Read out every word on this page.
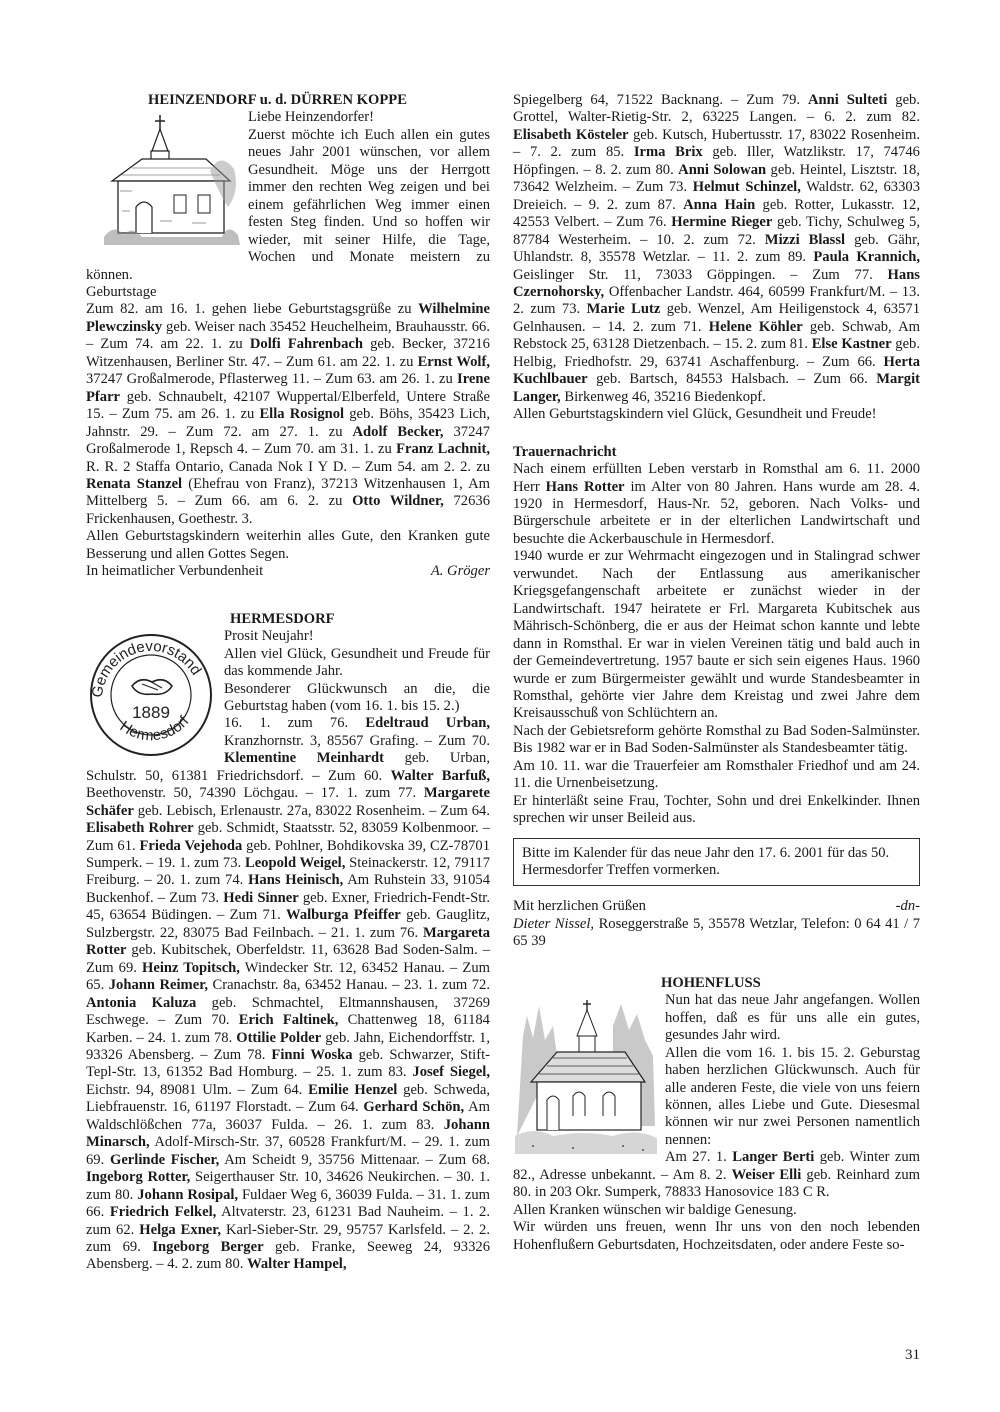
HEINZENDORF u. d. DÜRREN KOPPE

Liebe Heinzendorfer!

Zuerst möchte ich Euch allen ein gutes neues Jahr 2001 wünschen, vor allem Gesundheit. Möge uns der Herrgott immer den rechten Weg zeigen und bei einem gefährlichen Weg immer einen festen Steg finden. Und so hoffen wir wieder, mit seiner Hilfe, die Tage, Wochen und Monate meistern zu können.

Geburtstage

Zum 82. am 16. 1. gehen liebe Geburtstagsgrüße zu Wilhelmine Plewczinsky geb. Weiser nach 35452 Heuchelheim, Brauhausstr. 66. – Zum 74. am 22. 1. zu Dolfi Fahrenbach geb. Becker, 37216 Witzenhausen, Berliner Str. 47. – Zum 61. am 22. 1. zu Ernst Wolf, 37247 Großalmerode, Pflasterweg 11. – Zum 63. am 26. 1. zu Irene Pfarr geb. Schnaubelt, 42107 Wuppertal/Elberfeld, Untere Straße 15. – Zum 75. am 26. 1. zu Ella Rosignol geb. Böhs, 35423 Lich, Jahnstr. 29. – Zum 72. am 27. 1. zu Adolf Becker, 37247 Großalmerode 1, Repsch 4. – Zum 70. am 31. 1. zu Franz Lachnit, R. R. 2 Staffa Ontario, Canada Nok I Y D. – Zum 54. am 2. 2. zu Renata Stanzel (Ehefrau von Franz), 37213 Witzenhausen 1, Am Mittelberg 5. – Zum 66. am 6. 2. zu Otto Wildner, 72636 Frickenhausen, Goethestr. 3.

Allen Geburtstagskindern weiterhin alles Gute, den Kranken gute Besserung und allen Gottes Segen.

In heimatlicher Verbundenheit	A. Gröger

HERMESDORF

Gemeindevorstand
Hermesdorf
1889

Prosit Neujahr!

Allen viel Glück, Gesundheit und Freude für das kommende Jahr.

Besonderer Glückwunsch an die, die Geburtstag haben (vom 16. 1. bis 15. 2.)

16. 1. zum 76. Edeltraud Urban, Kranzhornstr. 3, 85567 Grafing. – Zum 70. Klementine Meinhardt geb. Urban, Schulstr. 50, 61381 Friedrichsdorf. – Zum 60. Walter Barfuß, Beethovenstr. 50, 74390 Löchgau. – 17. 1. zum 77. Margarete Schäfer geb. Lebisch, Erlenaustr. 27a, 83022 Rosenheim. – Zum 64. Elisabeth Rohrer geb. Schmidt, Staatsstr. 52, 83059 Kolbenmoor. – Zum 61. Frieda Vejehoda geb. Pohlner, Bohdikovska 39, CZ-78701 Sumperk. – 19. 1. zum 73. Leopold Weigel, Steinackerstr. 12, 79117 Freiburg. – 20. 1. zum 74. Hans Heinisch, Am Ruhstein 33, 91054 Buckenhof. – Zum 73. Hedi Sinner geb. Exner, Friedrich-Fendt-Str. 45, 63654 Büdingen. – Zum 71. Walburga Pfeiffer geb. Gauglitz, Sulzbergstr. 22, 83075 Bad Feilnbach. – 21. 1. zum 76. Margareta Rotter geb. Kubitschek, Oberfeldstr. 11, 63628 Bad Soden-Salm. – Zum 69. Heinz Topitsch, Windecker Str. 12, 63452 Hanau. – Zum 65. Johann Reimer, Cranachstr. 8a, 63452 Hanau. – 23. 1. zum 72. Antonia Kaluza geb. Schmachtel, Eltmannshausen, 37269 Eschwege. – Zum 70. Erich Faltinek, Chattenweg 18, 61184 Karben. – 24. 1. zum 78. Ottilie Polder geb. Jahn, Eichendorffstr. 1, 93326 Abensberg. – Zum 78. Finni Woska geb. Schwarzer, Stift-Tepl-Str. 13, 61352 Bad Homburg. – 25. 1. zum 83. Josef Siegel, Eichstr. 94, 89081 Ulm. – Zum 64. Emilie Henzel geb. Schweda, Liebfrauenstr. 16, 61197 Florstadt. – Zum 64. Gerhard Schön, Am Waldschlößchen 77a, 36037 Fulda. – 26. 1. zum 83. Johann Minarsch, Adolf-Mirsch-Str. 37, 60528 Frankfurt/M. – 29. 1. zum 69. Gerlinde Fischer, Am Scheidt 9, 35756 Mittenaar. – Zum 68. Ingeborg Rotter, Seigerthauser Str. 10, 34626 Neukirchen. – 30. 1. zum 80. Johann Rosipal, Fuldaer Weg 6, 36039 Fulda. – 31. 1. zum 66. Friedrich Felkel, Altvaterstr. 23, 61231 Bad Nauheim. – 1. 2. zum 62. Helga Exner, Karl-Sieber-Str. 29, 95757 Karlsfeld. – 2. 2. zum 69. Ingeborg Berger geb. Franke, Seeweg 24, 93326 Abensberg. – 4. 2. zum 80. Walter Hampel,

Spiegelberg 64, 71522 Backnang. – Zum 79. Anni Sulteti geb. Grottel, Walter-Rietig-Str. 2, 63225 Langen. – 6. 2. zum 82. Elisabeth Kösteler geb. Kutsch, Hubertusstr. 17, 83022 Rosenheim. – 7. 2. zum 85. Irma Brix geb. Iller, Watzlikstr. 17, 74746 Höpfingen. – 8. 2. zum 80. Anni Solowan geb. Heintel, Lisztstr. 18, 73642 Welzheim. – Zum 73. Helmut Schinzel, Waldstr. 62, 63303 Dreieich. – 9. 2. zum 87. Anna Hain geb. Rotter, Lukasstr. 12, 42553 Velbert. – Zum 76. Hermine Rieger geb. Tichy, Schulweg 5, 87784 Westerheim. – 10. 2. zum 72. Mizzi Blassl geb. Gähr, Uhlandstr. 8, 35578 Wetzlar. – 11. 2. zum 89. Paula Krannich, Geislinger Str. 11, 73033 Göppingen. – Zum 77. Hans Czernohorsky, Offenbacher Landstr. 464, 60599 Frankfurt/M. – 13. 2. zum 73. Marie Lutz geb. Wenzel, Am Heiligenstock 4, 63571 Gelnhausen. – 14. 2. zum 71. Helene Köhler geb. Schwab, Am Rebstock 25, 63128 Dietzenbach. – 15. 2. zum 81. Else Kastner geb. Helbig, Friedhofstr. 29, 63741 Aschaffenburg. – Zum 66. Herta Kuchlbauer geb. Bartsch, 84553 Halsbach. – Zum 66. Margit Langer, Birkenweg 46, 35216 Biedenkopf.

Allen Geburtstagskindern viel Glück, Gesundheit und Freude!

Trauernachricht

Nach einem erfüllten Leben verstarb in Romsthal am 6. 11. 2000 Herr Hans Rotter im Alter von 80 Jahren. Hans wurde am 28. 4. 1920 in Hermesdorf, Haus-Nr. 52, geboren. Nach Volks- und Bürgerschule arbeitete er in der elterlichen Landwirtschaft und besuchte die Ackerbauschule in Hermesdorf.

1940 wurde er zur Wehrmacht eingezogen und in Stalingrad schwer verwundet. Nach der Entlassung aus amerikanischer Kriegsgefangenschaft arbeitete er zunächst wieder in der Landwirtschaft. 1947 heiratete er Frl. Margareta Kubitschek aus Mährisch-Schönberg, die er aus der Heimat schon kannte und lebte dann in Romsthal. Er war in vielen Vereinen tätig und bald auch in der Gemeindevertretung. 1957 baute er sich sein eigenes Haus. 1960 wurde er zum Bürgermeister gewählt und wurde Standesbeamter in Romsthal, gehörte vier Jahre dem Kreistag und zwei Jahre dem Kreisausschuß von Schlüchtern an.

Nach der Gebietsreform gehörte Romsthal zu Bad Soden-Salmünster. Bis 1982 war er in Bad Soden-Salmünster als Standesbeamter tätig.

Am 10. 11. war die Trauerfeier am Romsthaler Friedhof und am 24. 11. die Urnenbeisetzung.

Er hinterläßt seine Frau, Tochter, Sohn und drei Enkelkinder. Ihnen sprechen wir unser Beileid aus.

Bitte im Kalender für das neue Jahr den 17. 6. 2001 für das 50. Hermesdorfer Treffen vormerken.

Mit herzlichen Grüßen	-dn-

Dieter Nissel, Roseggerstraße 5, 35578 Wetzlar, Telefon: 0 64 41 / 7 65 39

HOHENFLUSS

Nun hat das neue Jahr angefangen. Wollen hoffen, daß es für uns alle ein gutes, gesundes Jahr wird.

Allen die vom 16. 1. bis 15. 2. Geburstag haben herzlichen Glückwunsch. Auch für alle anderen Feste, die viele von uns feiern können, alles Liebe und Gute. Diesesmal können wir nur zwei Personen namentlich nennen:

Am 27. 1. Langer Berti geb. Winter zum 82., Adresse unbekannt. – Am 8. 2. Weiser Elli geb. Reinhard zum 80. in 203 Okr. Sumperk, 78833 Hanosovice 183 C R.

Allen Kranken wünschen wir baldige Genesung.

Wir würden uns freuen, wenn Ihr uns von den noch lebenden Hohenflußern Geburtsdaten, Hochzeitsdaten, oder andere Feste so-

31
